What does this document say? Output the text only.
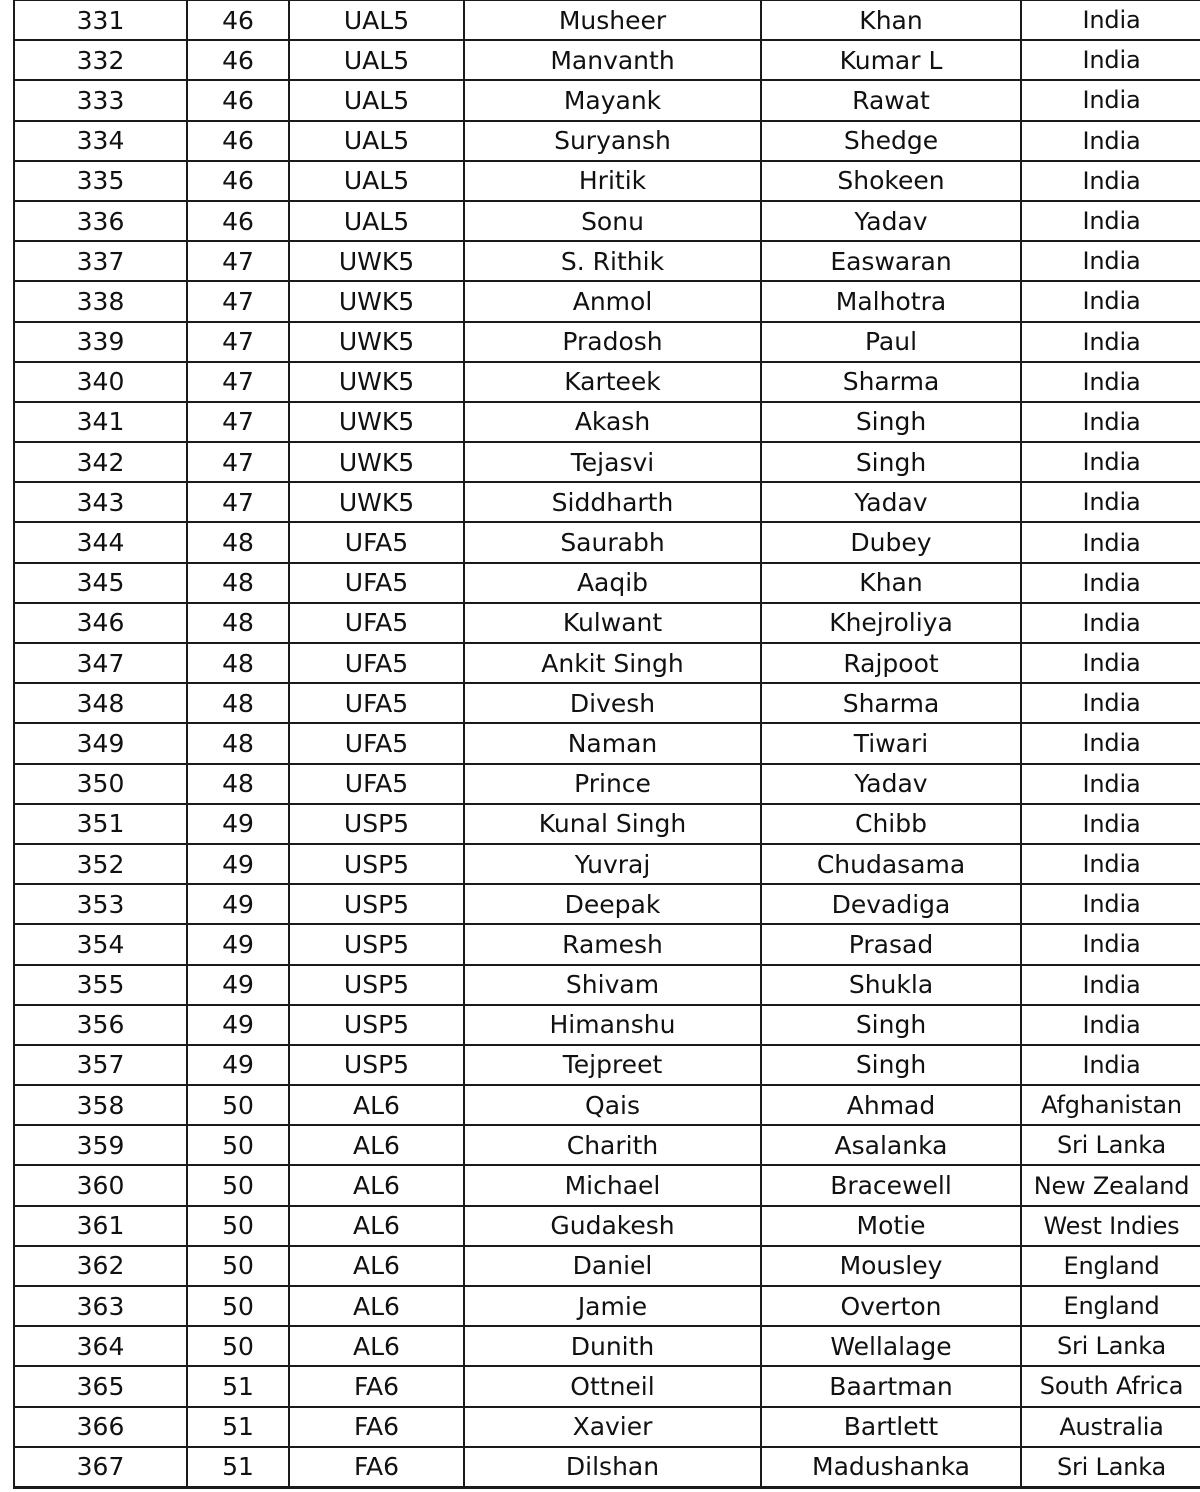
331	46	UAL5	Musheer	Khan	India
332	46	UAL5	Manvanth	Kumar L	India
333	46	UAL5	Mayank	Rawat	India
334	46	UAL5	Suryansh	Shedge	India
335	46	UAL5	Hritik	Shokeen	India
336	46	UAL5	Sonu	Yadav	India
337	47	UWK5	S. Rithik	Easwaran	India
338	47	UWK5	Anmol	Malhotra	India
339	47	UWK5	Pradosh	Paul	India
340	47	UWK5	Karteek	Sharma	India
341	47	UWK5	Akash	Singh	India
342	47	UWK5	Tejasvi	Singh	India
343	47	UWK5	Siddharth	Yadav	India
344	48	UFA5	Saurabh	Dubey	India
345	48	UFA5	Aaqib	Khan	India
346	48	UFA5	Kulwant	Khejroliya	India
347	48	UFA5	Ankit Singh	Rajpoot	India
348	48	UFA5	Divesh	Sharma	India
349	48	UFA5	Naman	Tiwari	India
350	48	UFA5	Prince	Yadav	India
351	49	USP5	Kunal Singh	Chibb	India
352	49	USP5	Yuvraj	Chudasama	India
353	49	USP5	Deepak	Devadiga	India
354	49	USP5	Ramesh	Prasad	India
355	49	USP5	Shivam	Shukla	India
356	49	USP5	Himanshu	Singh	India
357	49	USP5	Tejpreet	Singh	India
358	50	AL6	Qais	Ahmad	Afghanistan
359	50	AL6	Charith	Asalanka	Sri Lanka
360	50	AL6	Michael	Bracewell	New Zealand
361	50	AL6	Gudakesh	Motie	West Indies
362	50	AL6	Daniel	Mousley	England
363	50	AL6	Jamie	Overton	England
364	50	AL6	Dunith	Wellalage	Sri Lanka
365	51	FA6	Ottneil	Baartman	South Africa
366	51	FA6	Xavier	Bartlett	Australia
367	51	FA6	Dilshan	Madushanka	Sri Lanka
